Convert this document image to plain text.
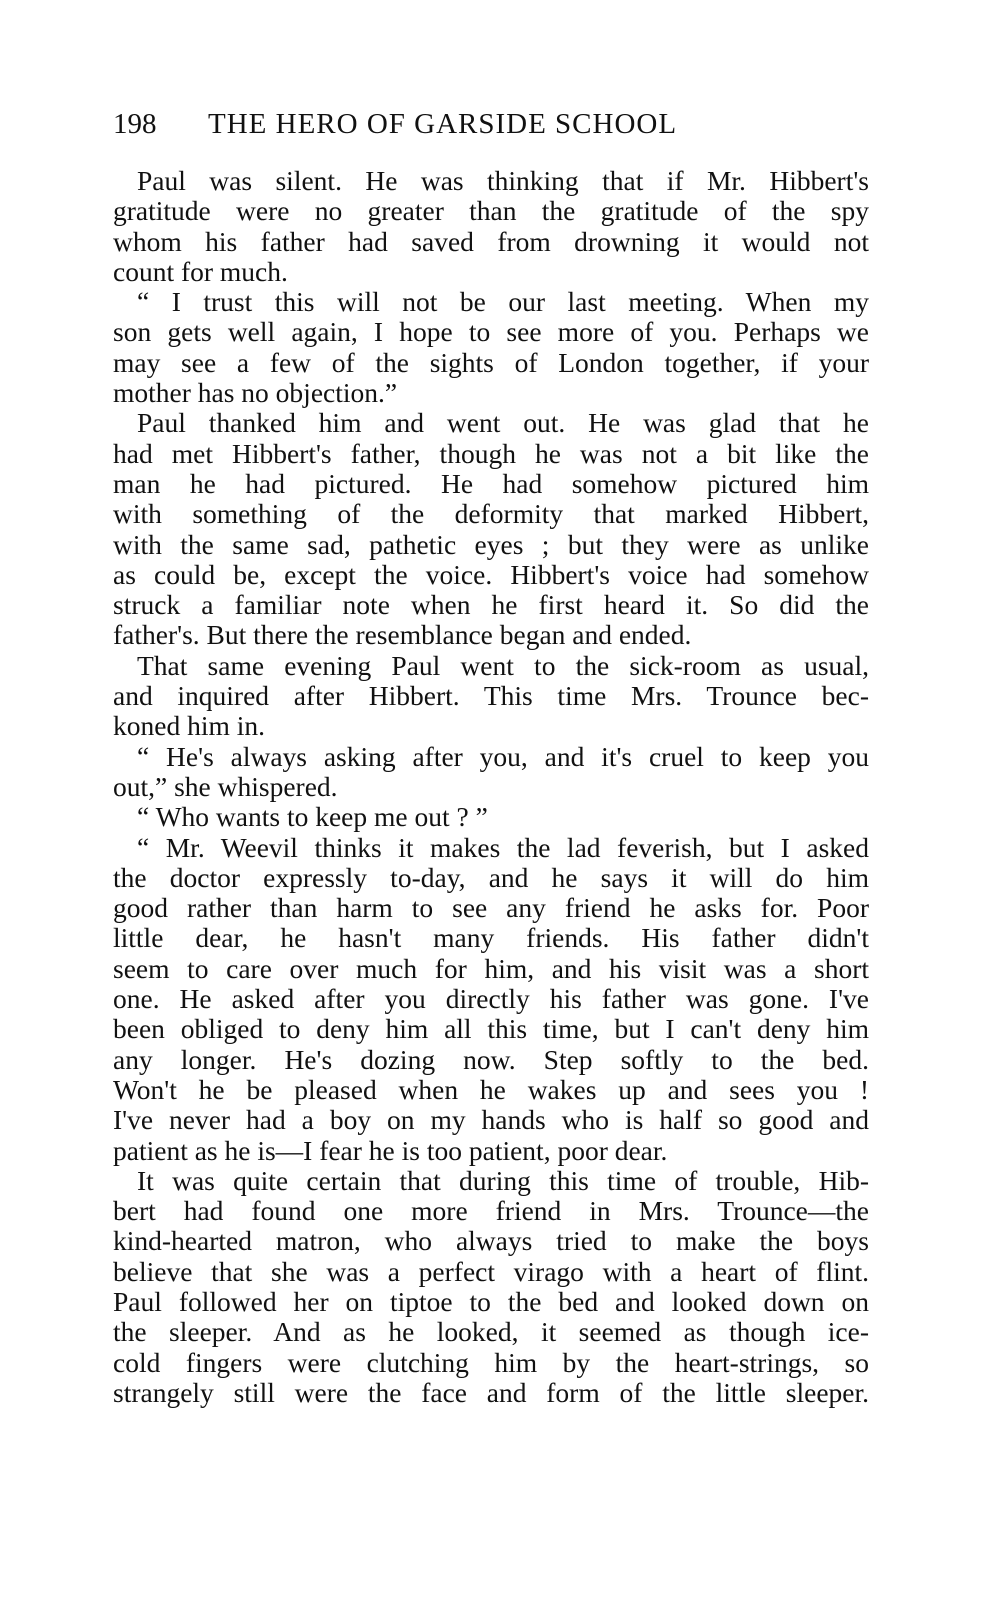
198 THE HERO OF GARSIDE SCHOOL
Paul was silent. He was thinking that if Mr. Hibbert's
gratitude were no greater than the gratitude of the spy
whom his father had saved from drowning it would not
count for much.
“ I trust this will not be our last meeting. When my
son gets well again, I hope to see more of you. Perhaps we
may see a few of the sights of London together, if your
mother has no objection.”
Paul thanked him and went out. He was glad that he
had met Hibbert's father, though he was not a bit like the
man he had pictured. He had somehow pictured him
with something of the deformity that marked Hibbert,
with the same sad, pathetic eyes ; but they were as unlike
as could be, except the voice. Hibbert's voice had somehow
struck a familiar note when he first heard it. So did the
father's. But there the resemblance began and ended.
That same evening Paul went to the sick-room as usual,
and inquired after Hibbert. This time Mrs. Trounce bec-
koned him in.
“ He's always asking after you, and it's cruel to keep you
out,” she whispered.
“ Who wants to keep me out ? ”
“ Mr. Weevil thinks it makes the lad feverish, but I asked
the doctor expressly to-day, and he says it will do him
good rather than harm to see any friend he asks for. Poor
little dear, he hasn't many friends. His father didn't
seem to care over much for him, and his visit was a short
one. He asked after you directly his father was gone. I've
been obliged to deny him all this time, but I can't deny him
any longer. He's dozing now. Step softly to the bed.
Won't he be pleased when he wakes up and sees you !
I've never had a boy on my hands who is half so good and
patient as he is—I fear he is too patient, poor dear.
It was quite certain that during this time of trouble, Hib-
bert had found one more friend in Mrs. Trounce—the
kind-hearted matron, who always tried to make the boys
believe that she was a perfect virago with a heart of flint.
Paul followed her on tiptoe to the bed and looked down on
the sleeper. And as he looked, it seemed as though ice-
cold fingers were clutching him by the heart-strings, so
strangely still were the face and form of the little sleeper.
